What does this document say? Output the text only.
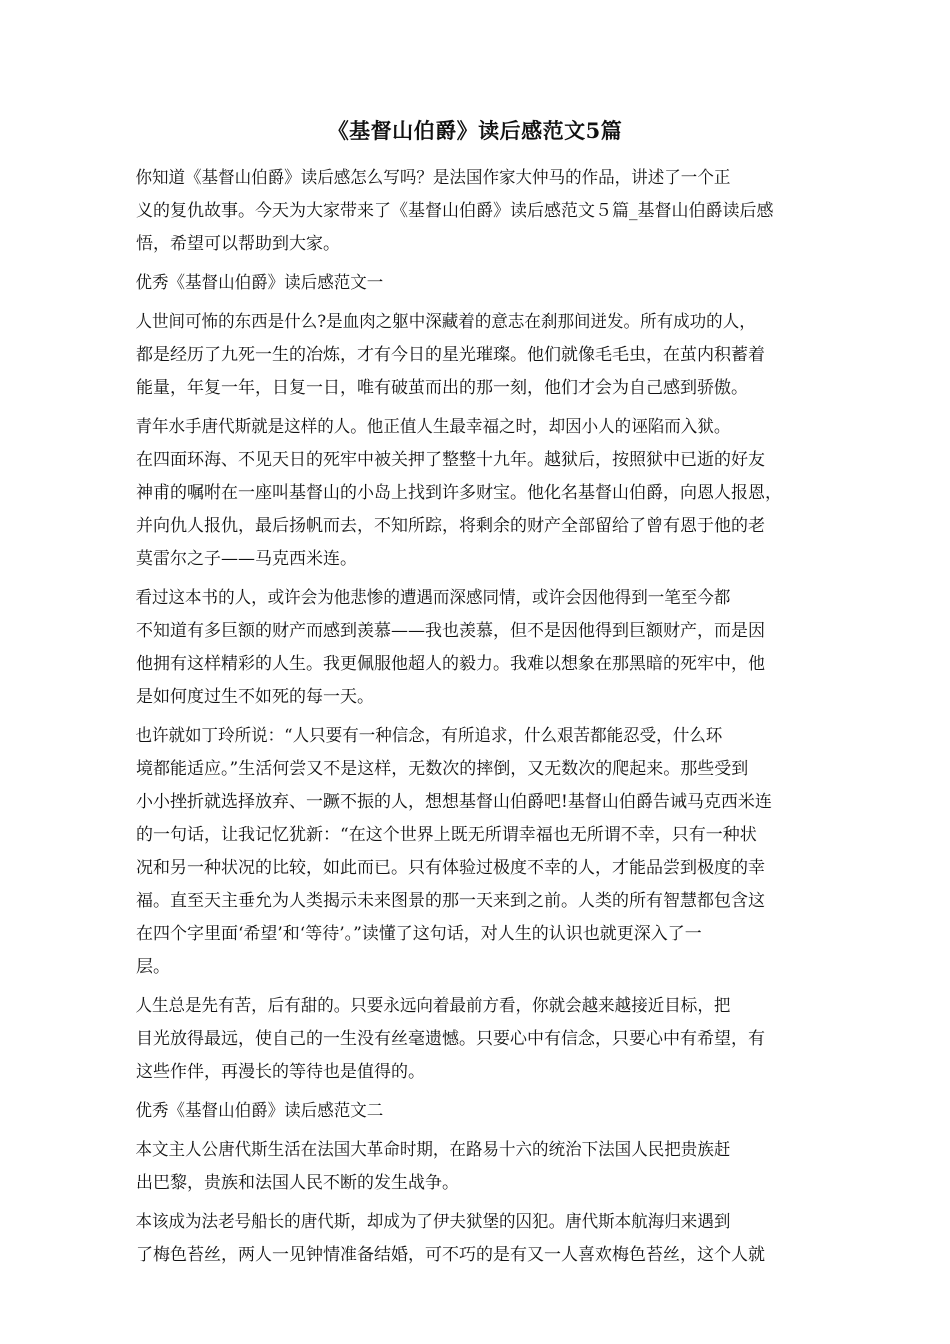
《基督山伯爵》读后感范文5篇
你知道《基督山伯爵》读后感怎么写吗？是法国作家大仲马的作品，讲述了一个正
义的复仇故事。今天为大家带来了《基督山伯爵》读后感范文５篇_基督山伯爵读后感
悟，希望可以帮助到大家。
优秀《基督山伯爵》读后感范文一
人世间可怖的东西是什么?是血肉之躯中深藏着的意志在刹那间迸发。所有成功的人，
都是经历了九死一生的冶炼，才有今日的星光璀璨。他们就像毛毛虫，在茧内积蓄着
能量，年复一年，日复一日，唯有破茧而出的那一刻，他们才会为自己感到骄傲。
青年水手唐代斯就是这样的人。他正值人生最幸福之时，却因小人的诬陷而入狱。
在四面环海、不见天日的死牢中被关押了整整十九年。越狱后，按照狱中已逝的好友
神甫的嘱咐在一座叫基督山的小岛上找到许多财宝。他化名基督山伯爵，向恩人报恩，
并向仇人报仇，最后扬帆而去，不知所踪，将剩余的财产全部留给了曾有恩于他的老
莫雷尔之子——马克西米连。
看过这本书的人，或许会为他悲惨的遭遇而深感同情，或许会因他得到一笔至今都
不知道有多巨额的财产而感到羡慕——我也羡慕，但不是因他得到巨额财产，而是因
他拥有这样精彩的人生。我更佩服他超人的毅力。我难以想象在那黑暗的死牢中，他
是如何度过生不如死的每一天。
也许就如丁玲所说：“人只要有一种信念，有所追求，什么艰苦都能忍受，什么环
境都能适应。”生活何尝又不是这样，无数次的摔倒，又无数次的爬起来。那些受到
小小挫折就选择放弃、一蹶不振的人，想想基督山伯爵吧!基督山伯爵告诫马克西米连
的一句话，让我记忆犹新：“在这个世界上既无所谓幸福也无所谓不幸，只有一种状
况和另一种状况的比较，如此而已。只有体验过极度不幸的人，才能品尝到极度的幸
福。直至天主垂允为人类揭示未来图景的那一天来到之前。人类的所有智慧都包含这
在四个字里面‘希望’和‘等待’。”读懂了这句话，对人生的认识也就更深入了一
层。
人生总是先有苦，后有甜的。只要永远向着最前方看，你就会越来越接近目标，把
目光放得最远，使自己的一生没有丝毫遗憾。只要心中有信念，只要心中有希望，有
这些作伴，再漫长的等待也是值得的。
优秀《基督山伯爵》读后感范文二
本文主人公唐代斯生活在法国大革命时期，在路易十六的统治下法国人民把贵族赶
出巴黎，贵族和法国人民不断的发生战争。
本该成为法老号船长的唐代斯，却成为了伊夫狱堡的囚犯。唐代斯本航海归来遇到
了梅色苔丝，两人一见钟情准备结婚，可不巧的是有又一人喜欢梅色苔丝，这个人就
